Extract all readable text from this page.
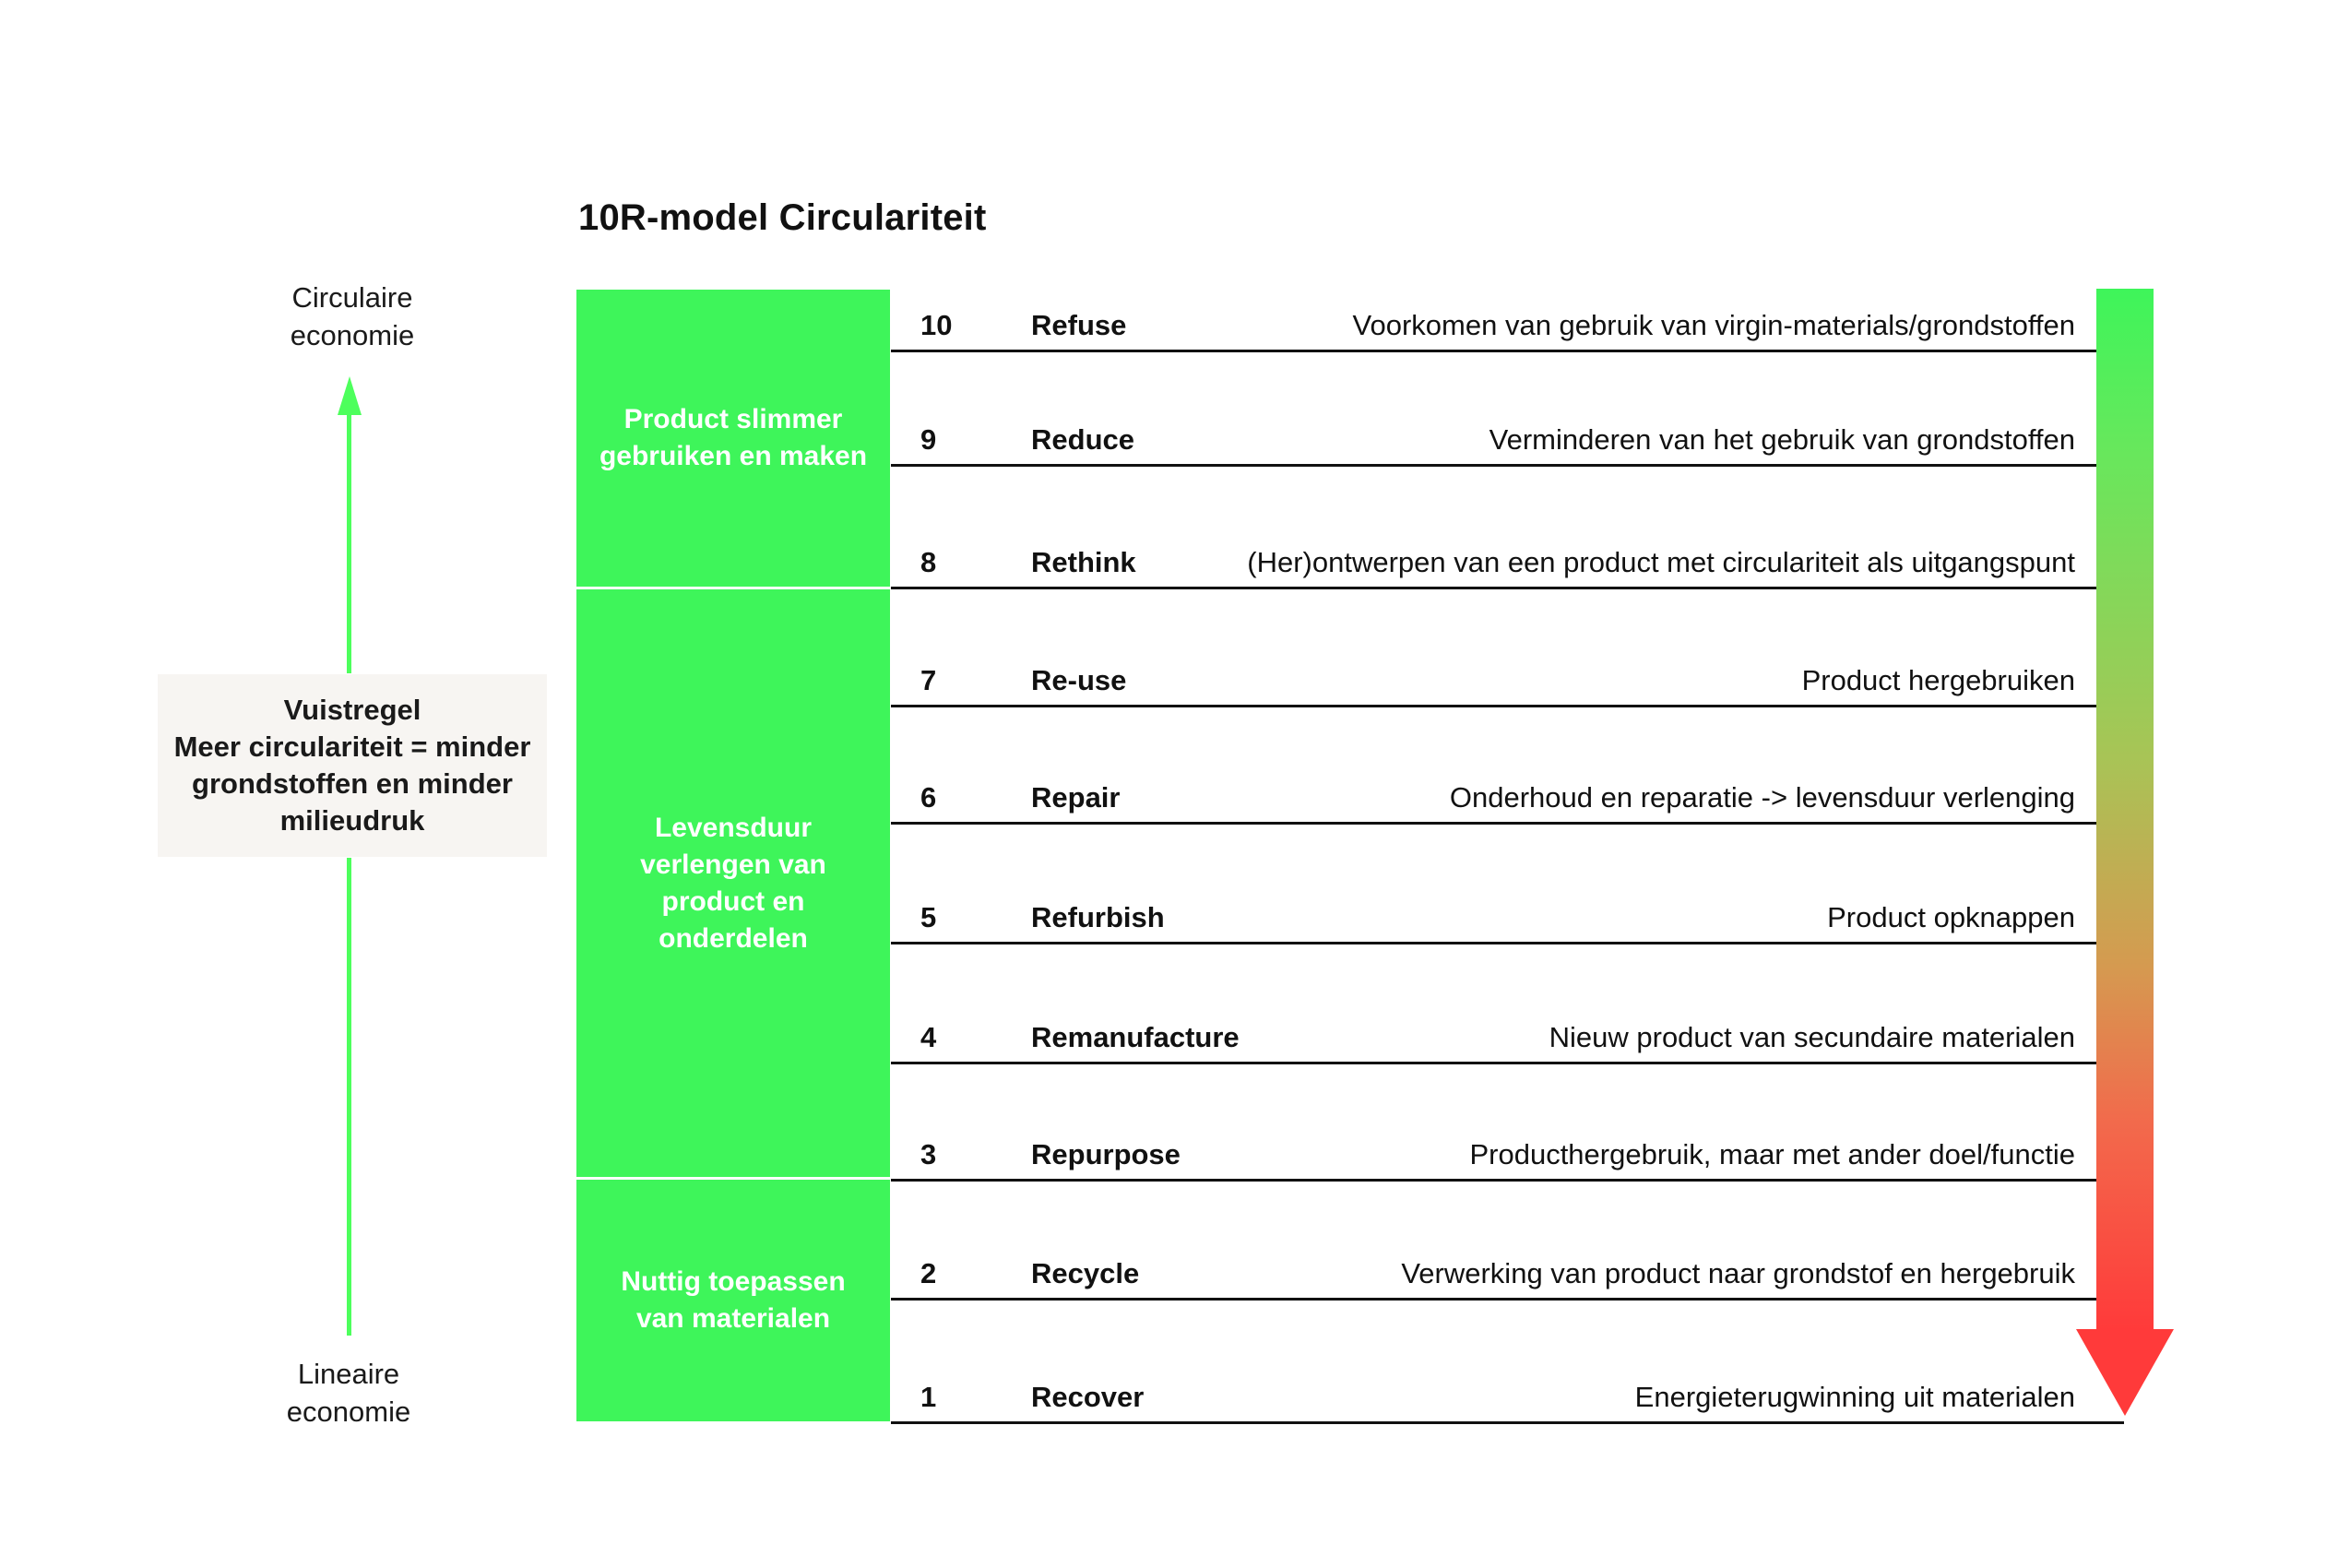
10R-model Circulariteit
Circulaire
economie
Vuistregel
Meer circulariteit = minder
grondstoffen en minder
milieudruk
Lineaire
economie
Product slimmer gebruiken en maken
Levensduur verlengen van product en onderdelen
Nuttig toepassen van materialen
10	Refuse	Voorkomen van gebruik van virgin-materials/grondstoffen
9	Reduce	Verminderen van het gebruik van grondstoffen
8	Rethink	(Her)ontwerpen van een product met circulariteit als uitgangspunt
7	Re-use	Product hergebruiken
6	Repair	Onderhoud en reparatie -> levensduur verlenging
5	Refurbish	Product opknappen
4	Remanufacture	Nieuw product van secundaire materialen
3	Repurpose	Producthergebruik, maar met ander doel/functie
2	Recycle	Verwerking van product naar grondstof en hergebruik
1	Recover	Energieterugwinning uit materialen
